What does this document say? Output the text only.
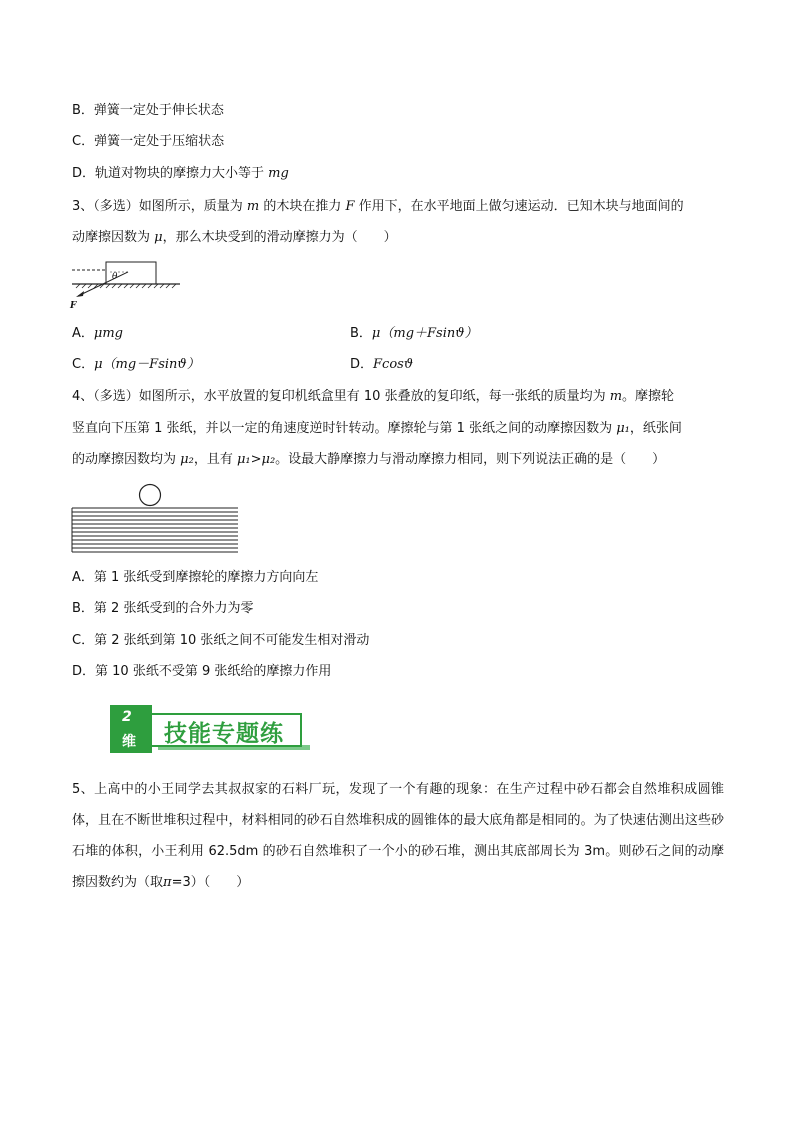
B．弹簧一定处于伸长状态
C．弹簧一定处于压缩状态
D．轨道对物块的摩擦力大小等于 mg
3、（多选）如图所示，质量为 m 的木块在推力 F 作用下，在水平地面上做匀速运动．已知木块与地面间的
动摩擦因数为 μ，那么木块受到的滑动摩擦力为（　　）
θ
F
A．μmg	B．μ（mg＋Fsinϑ）
C．μ（mg－Fsinϑ）	D．Fcosϑ
4、（多选）如图所示，水平放置的复印机纸盒里有 10 张叠放的复印纸，每一张纸的质量均为 m。摩擦轮
竖直向下压第 1 张纸，并以一定的角速度逆时针转动。摩擦轮与第 1 张纸之间的动摩擦因数为 μ₁，纸张间
的动摩擦因数均为 μ₂，且有 μ₁>μ₂。设最大静摩擦力与滑动摩擦力相同，则下列说法正确的是（　　）
A．第 1 张纸受到摩擦轮的摩擦力方向向左
B．第 2 张纸受到的合外力为零
C．第 2 张纸到第 10 张纸之间不可能发生相对滑动
D．第 10 张纸不受第 9 张纸给的摩擦力作用
2
维 技能专题练
5、上高中的小王同学去其叔叔家的石料厂玩，发现了一个有趣的现象：在生产过程中砂石都会自然堆积成圆锥体，且在不断世堆积过程中，材料相同的砂石自然堆积成的圆锥体的最大底角都是相同的。为了快速估测出这些砂石堆的体积，小王利用 62.5dm 的砂石自然堆积了一个小的砂石堆，测出其底部周长为 3m。则砂石之间的动摩擦因数约为（取π=3）（　　）
